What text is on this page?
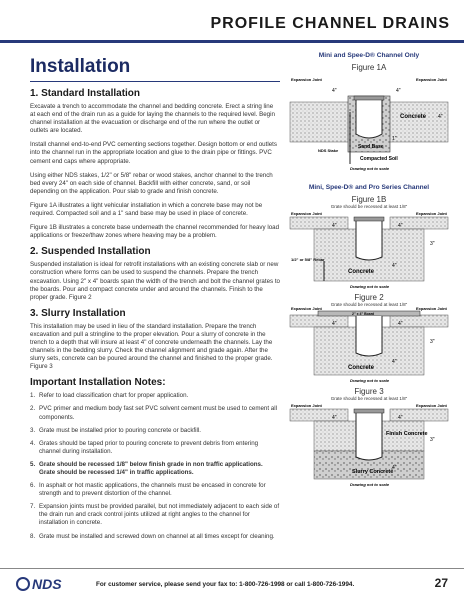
PROFILE CHANNEL DRAINS
Installation
1. Standard Installation

Excavate a trench to accommodate the channel and bedding concrete. Erect a string line at each end of the drain run as a guide for laying the channels to the required level. Begin channel installation at the evacuation or discharge end of the run where the outlet or outlets are located.

Install channel end-to-end PVC cementing sections together. Design bottom or end outlets into the channel run in the appropriate location and glue to the drain pipe or fittings. PVC cement end caps where appropriate.

Using either NDS stakes, 1/2" or 5/8" rebar or wood stakes, anchor channel to the trench bed every 24" on each side of channel. Backfill with either concrete, sand, or soil depending on the application. Pour slab to grade and finish concrete.

Figure 1A illustrates a light vehicular installation in which a concrete base may not be required. Compacted soil and a 1" sand base may be used in place of concrete.

Figure 1B illustrates a concrete base underneath the channel recommended for heavy load applications or freeze/thaw zones where heaving may be a problem.

2. Suspended Installation

Suspended installation is ideal for retrofit installations with an existing concrete slab or new construction where forms can be used to suspend the channels. Prepare the trench excavation. Using 2" x 4" boards span the width of the trench and bolt the channel grates to the boards. Pour and compact concrete under and around the channels. Finish to the proper grade. Figure 2

3. Slurry Installation

This installation may be used in lieu of the standard installation. Prepare the trench excavation and pull a stringline to the proper elevation. Pour a slurry of concrete in the trench to a depth that will insure at least 4" of concrete underneath the channels. Lay the channels in the bedding slurry. Check the channel alignment and grade again. After the slurry sets, concrete can be poured around the channel and finished to the proper grade. Figure 3

Important Installation Notes:
1. Refer to load classification chart for proper application.
2. PVC primer and medium body fast set PVC solvent cement must be used to cement all components.
3. Grate must be installed prior to pouring concrete or backfill.
4. Grates should be taped prior to pouring concrete to prevent debris from entering channel during installation.
5. Grate should be recessed 1/8" below finish grade in non traffic applications. Grate should be recessed 1/4" in traffic applications.
6. In asphalt or hot mastic applications, the channels must be encased in concrete for strength and to prevent distortion of the channel.
7. Expansion joints must be provided parallel, but not immediately adjacent to each side of the drain run and crack control joints utilized at right angles to the channel for installation in concrete.
8. Grate must be installed and screwed down on channel at all times except for cleaning.
Mini and Spee-D® Channel Only
Figure 1A
Expansion Joint	Expansion Joint
4"	4"
Concrete
Sand Base
Compacted Soil
NDS Stake
4"
1"
Drawing not to scale
Mini, Spee-D® and Pro Series Channel
Figure 1B
Grate should be recessed at least 1/8"
Expansion Joint	Expansion Joint
4"	4"
Concrete
1/2" or 5/8" Rebar
3"
4"
Drawing not to scale
Figure 2
Grate should be recessed at least 1/8"
Expansion Joint	Expansion Joint
2" x 4" Board
4"	4"
Concrete
3"
4"
Drawing not to scale
Figure 3
Grate should be recessed at least 1/8"
Expansion Joint	Expansion Joint
4"	4"
Finish Concrete
Slurry Concrete
3"
4"
Drawing not to scale
NDS	For customer service, please send your fax to: 1-800-726-1998 or call 1-800-726-1994.	27
